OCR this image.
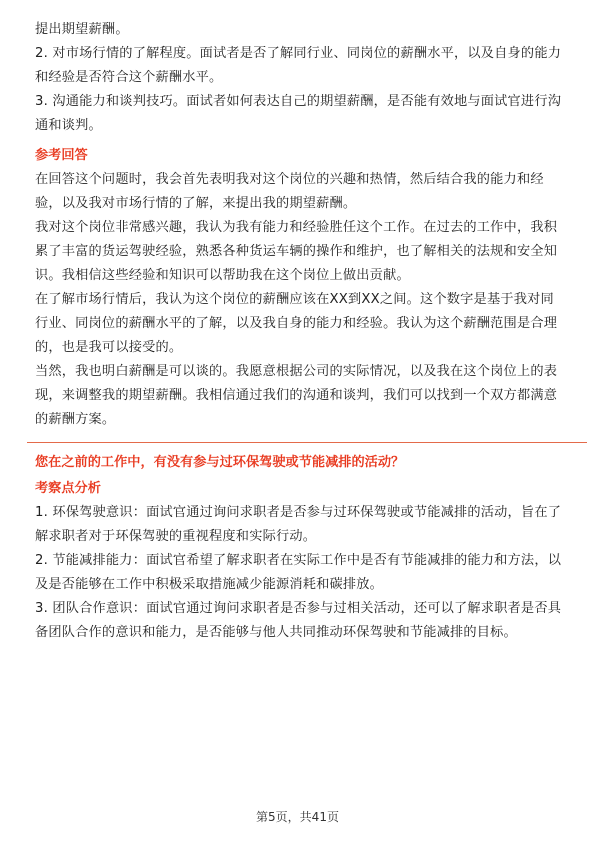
提出期望薪酬。

2. 对市场行情的了解程度。面试者是否了解同行业、同岗位的薪酬水平，以及自身的能力和经验是否符合这个薪酬水平。

3. 沟通能力和谈判技巧。面试者如何表达自己的期望薪酬，是否能有效地与面试官进行沟通和谈判。

参考回答

在回答这个问题时，我会首先表明我对这个岗位的兴趣和热情，然后结合我的能力和经验，以及我对市场行情的了解，来提出我的期望薪酬。

我对这个岗位非常感兴趣，我认为我有能力和经验胜任这个工作。在过去的工作中，我积累了丰富的货运驾驶经验，熟悉各种货运车辆的操作和维护，也了解相关的法规和安全知识。我相信这些经验和知识可以帮助我在这个岗位上做出贡献。

在了解市场行情后，我认为这个岗位的薪酬应该在XX到XX之间。这个数字是基于我对同行业、同岗位的薪酬水平的了解，以及我自身的能力和经验。我认为这个薪酬范围是合理的，也是我可以接受的。

当然，我也明白薪酬是可以谈的。我愿意根据公司的实际情况，以及我在这个岗位上的表现，来调整我的期望薪酬。我相信通过我们的沟通和谈判，我们可以找到一个双方都满意的薪酬方案。

您在之前的工作中，有没有参与过环保驾驶或节能减排的活动？

考察点分析

1. 环保驾驶意识：面试官通过询问求职者是否参与过环保驾驶或节能减排的活动，旨在了解求职者对于环保驾驶的重视程度和实际行动。

2. 节能减排能力：面试官希望了解求职者在实际工作中是否有节能减排的能力和方法，以及是否能够在工作中积极采取措施减少能源消耗和碳排放。

3. 团队合作意识：面试官通过询问求职者是否参与过相关活动，还可以了解求职者是否具备团队合作的意识和能力，是否能够与他人共同推动环保驾驶和节能减排的目标。

第5页，共41页
